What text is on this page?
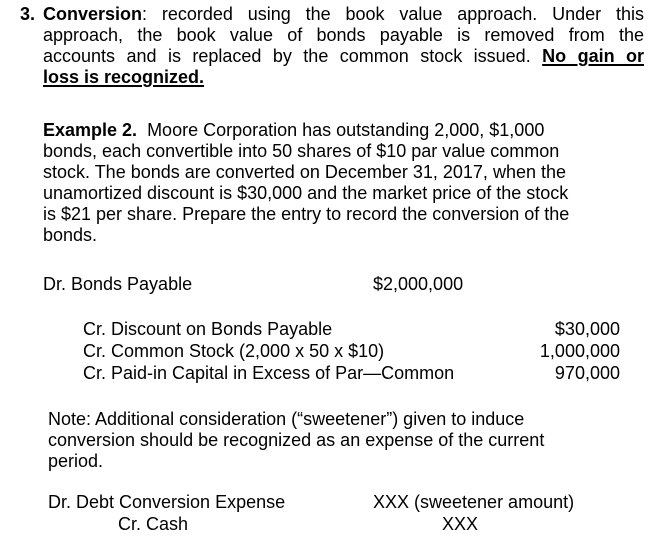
3. Conversion: recorded using the book value approach. Under this
approach, the book value of bonds payable is removed from the
accounts and is replaced by the common stock issued. No gain or
loss is recognized.
Example 2.  Moore Corporation has outstanding 2,000, $1,000
bonds, each convertible into 50 shares of $10 par value common
stock. The bonds are converted on December 31, 2017, when the
unamortized discount is $30,000 and the market price of the stock
is $21 per share. Prepare the entry to record the conversion of the
bonds.
Dr. Bonds Payable	$2,000,000
Cr. Discount on Bonds Payable	$30,000
Cr. Common Stock (2,000 x 50 x $10)	1,000,000
Cr. Paid-in Capital in Excess of Par—Common	970,000
Note: Additional consideration (“sweetener”) given to induce
conversion should be recognized as an expense of the current
period.
Dr. Debt Conversion Expense	XXX (sweetener amount)
Cr. Cash	XXX
